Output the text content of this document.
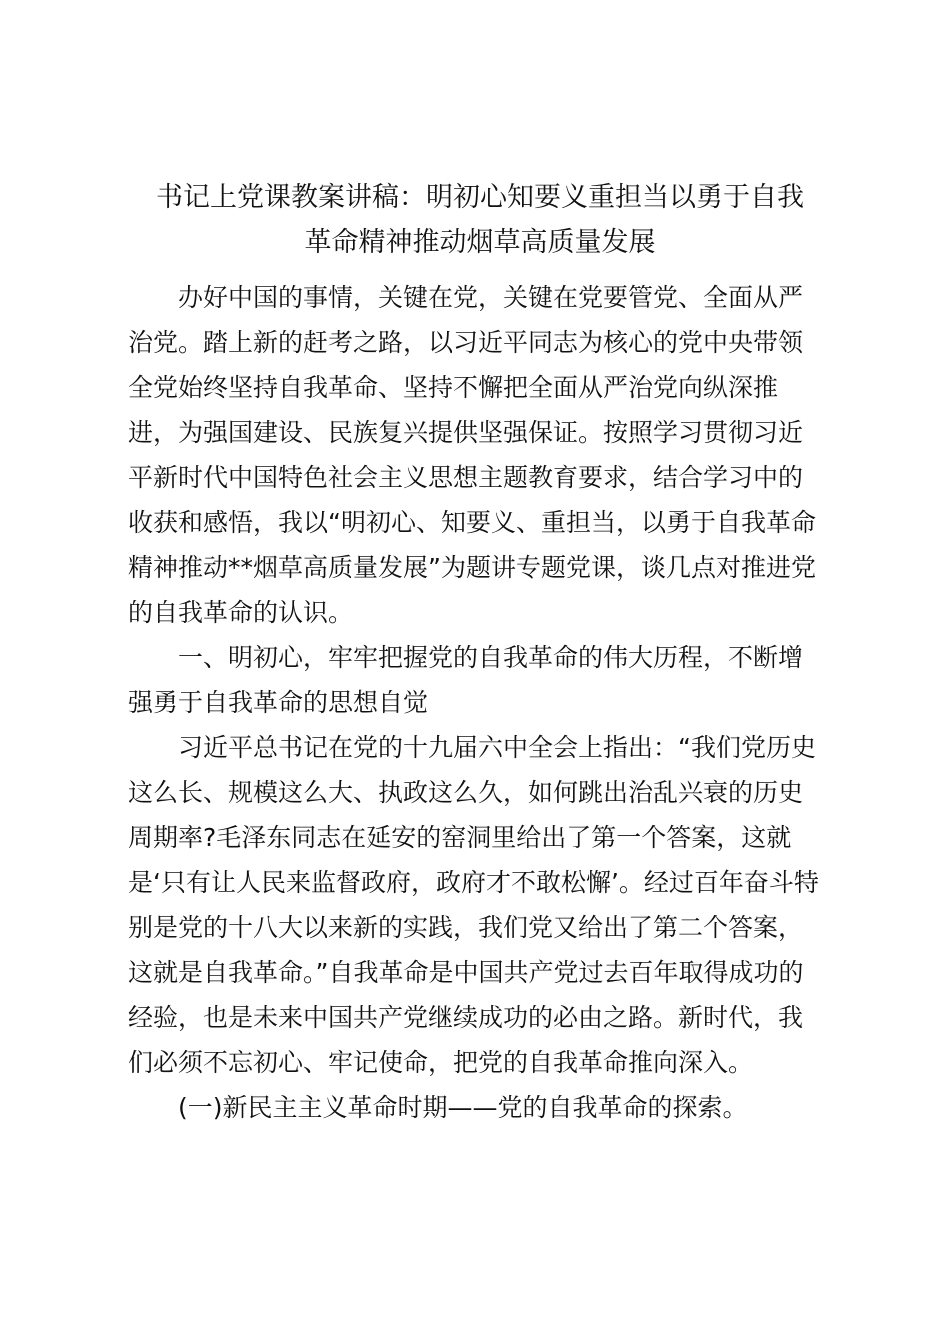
书记上党课教案讲稿：明初心知要义重担当以勇于自我
革命精神推动烟草高质量发展

办好中国的事情，关键在党，关键在党要管党、全面从严
治党。踏上新的赶考之路，以习近平同志为核心的党中央带领
全党始终坚持自我革命、坚持不懈把全面从严治党向纵深推
进，为强国建设、民族复兴提供坚强保证。按照学习贯彻习近
平新时代中国特色社会主义思想主题教育要求，结合学习中的
收获和感悟，我以“明初心、知要义、重担当，以勇于自我革命
精神推动**烟草高质量发展”为题讲专题党课，谈几点对推进党
的自我革命的认识。

一、明初心，牢牢把握党的自我革命的伟大历程，不断增
强勇于自我革命的思想自觉

习近平总书记在党的十九届六中全会上指出：“我们党历史
这么长、规模这么大、执政这么久，如何跳出治乱兴衰的历史
周期率?毛泽东同志在延安的窑洞里给出了第一个答案，这就
是‘只有让人民来监督政府，政府才不敢松懈’。经过百年奋斗特
别是党的十八大以来新的实践，我们党又给出了第二个答案，
这就是自我革命。”自我革命是中国共产党过去百年取得成功的
经验，也是未来中国共产党继续成功的必由之路。新时代，我
们必须不忘初心、牢记使命，把党的自我革命推向深入。

(一)新民主主义革命时期——党的自我革命的探索。
